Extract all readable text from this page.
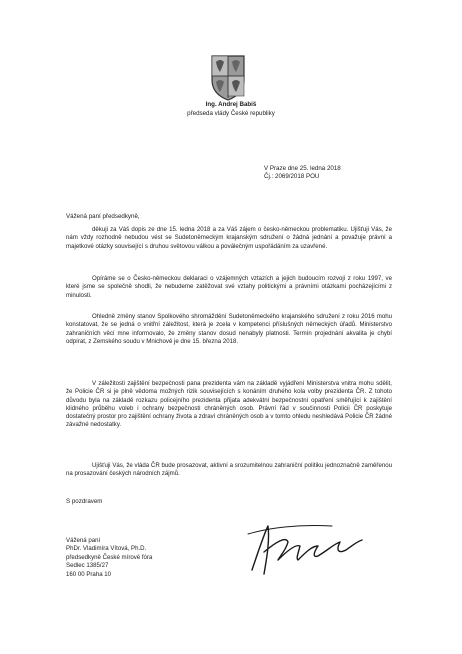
Ing. Andrej Babiš
předseda vlády České republiky
V Praze dne 25. ledna 2018
Čj.: 2069/2018 POU
Vážená paní předsedkyně,
děkuji za Váš dopis ze dne 15. ledna 2018 a za Váš zájem o česko-německou problematiku. Ujišťuji Vás, že nám vždy rozhodně nebudou vést se Sudetoněmeckým krajanským sdružení o žádná jednání a považuje právní a majetkové otázky související s druhou světovou válkou a poválečným uspořádáním za uzavřené.
Opíráme se o Česko-německou deklaraci o vzájemných vztazích a jejich budoucím rozvoji z roku 1997, ve které jsme se společně shodli, že nebudeme zatěžovat své vztahy politickými a právními otázkami pocházejícími z minulosti.
Ohledně změny stanov Spolkového shromáždění Sudetoněmeckého krajanského sdružení z roku 2016 mohu konstatovat, že se jedná o vnitřní záležitost, která je zcela v kompetenci příslušných německých úřadů. Ministerstvo zahraničních věcí mne informovalo, že změny stanov dosud nenabyly platnosti. Termín projednání akvalita je chybí odpírat, z Zemského soudu v Mnichově je dne 15. března 2018.
V záležitosti zajištění bezpečnosti pana prezidenta vám na základě vyjádření Ministerstva vnitra mohu sdělit, že Policie ČR si je plně vědoma možných rizik souvisejících s konáním druhého kola volby prezidenta ČR. Z tohoto důvodu byla na základě rozkazu policejního prezidenta přijata adekvátní bezpečnostní opatření směřující k zajištění klidného průběhu voleb i ochrany bezpečnosti chráněných osob. Právní řád v součinnosti Policii ČR poskytuje dostatečný prostor pro zajištění ochrany života a zdraví chráněných osob a v tomto ohledu neshledává Policie ČR žádné závažné nedostatky.
Ujišťuji Vás, že vláda ČR bude prosazovat, aktivní a srozumitelnou zahraniční politiku jednoznačně zaměřenou na prosazování českých národních zájmů.
S pozdravem
Vážená paní
PhDr. Vladimíra Vítová, Ph.D.
předsedkyně České mírové fóra
Sedlec 1385/27
160 00 Praha 10
